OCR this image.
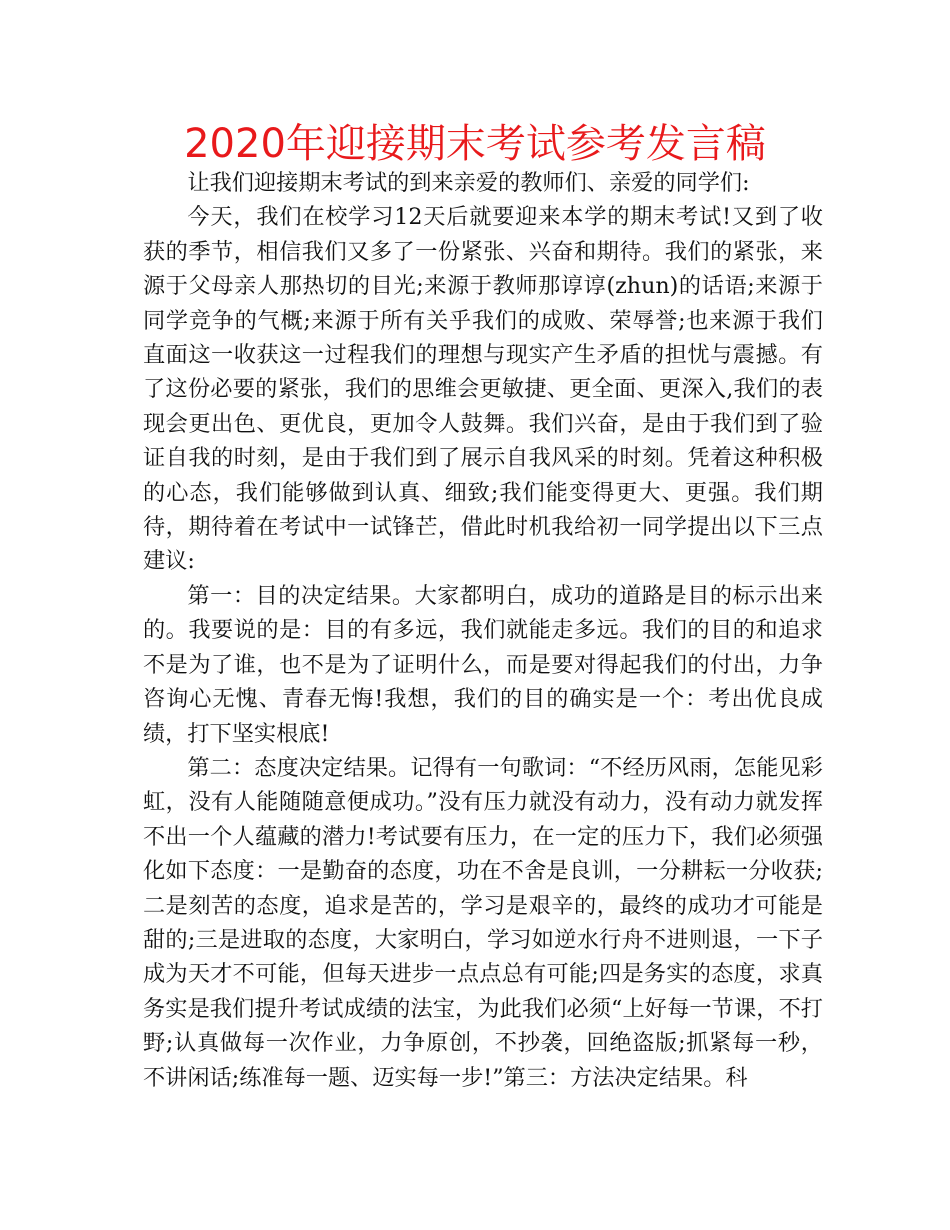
2020年迎接期末考试参考发言稿

让我们迎接期末考试的到来亲爱的教师们、亲爱的同学们:

今天，我们在校学习12天后就要迎来本学的期末考试!又到了收获的季节，相信我们又多了一份紧张、兴奋和期待。我们的紧张，来源于父母亲人那热切的目光;来源于教师那谆谆(zhun)的话语;来源于同学竞争的气概;来源于所有关乎我们的成败、荣辱誉;也来源于我们直面这一收获这一过程我们的理想与现实产生矛盾的担忧与震撼。有了这份必要的紧张，我们的思维会更敏捷、更全面、更深入,我们的表现会更出色、更优良，更加令人鼓舞。我们兴奋，是由于我们到了验证自我的时刻，是由于我们到了展示自我风采的时刻。凭着这种积极的心态，我们能够做到认真、细致;我们能变得更大、更强。我们期待，期待着在考试中一试锋芒，借此时机我给初一同学提出以下三点建议:

第一：目的决定结果。大家都明白，成功的道路是目的标示出来的。我要说的是：目的有多远，我们就能走多远。我们的目的和追求不是为了谁，也不是为了证明什么，而是要对得起我们的付出，力争咨询心无愧、青春无悔!我想，我们的目的确实是一个：考出优良成绩，打下坚实根底!

第二：态度决定结果。记得有一句歌词：“不经历风雨，怎能见彩虹，没有人能随随意便成功。”没有压力就没有动力，没有动力就发挥不出一个人蕴藏的潜力!考试要有压力，在一定的压力下，我们必须强化如下态度：一是勤奋的态度，功在不舍是良训，一分耕耘一分收获;二是刻苦的态度，追求是苦的，学习是艰辛的，最终的成功才可能是甜的;三是进取的态度，大家明白，学习如逆水行舟不进则退，一下子成为天才不可能，但每天进步一点点总有可能;四是务实的态度，求真务实是我们提升考试成绩的法宝，为此我们必须“上好每一节课，不打野;认真做每一次作业，力争原创，不抄袭，回绝盗版;抓紧每一秒，不讲闲话;练准每一题、迈实每一步!”第三：方法决定结果。科
